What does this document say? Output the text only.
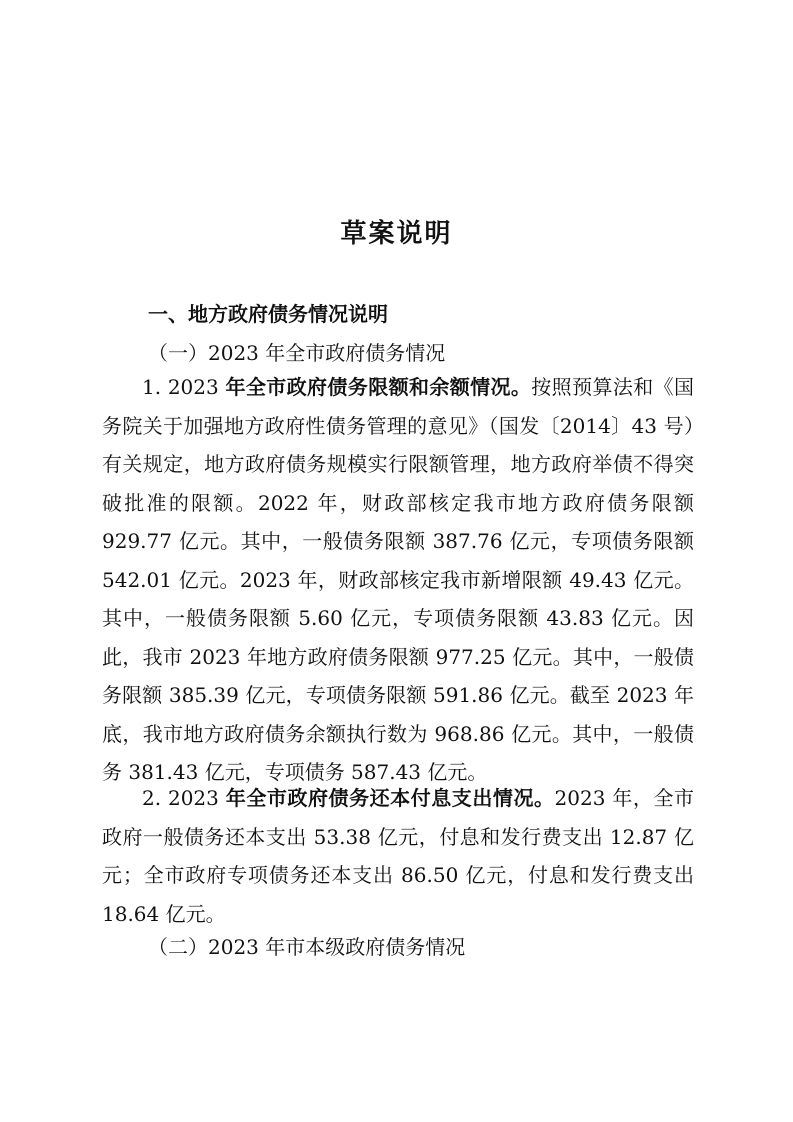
草案说明
一、地方政府债务情况说明
（一）2023 年全市政府债务情况
1. 2023 年全市政府债务限额和余额情况。按照预算法和《国务院关于加强地方政府性债务管理的意见》（国发〔2014〕43 号）有关规定，地方政府债务规模实行限额管理，地方政府举债不得突破批准的限额。2022 年，财政部核定我市地方政府债务限额 929.77 亿元。其中，一般债务限额 387.76 亿元，专项债务限额 542.01 亿元。2023 年，财政部核定我市新增限额 49.43 亿元。其中，一般债务限额 5.60 亿元，专项债务限额 43.83 亿元。因此，我市 2023 年地方政府债务限额 977.25 亿元。其中，一般债务限额 385.39 亿元，专项债务限额 591.86 亿元。截至 2023 年底，我市地方政府债务余额执行数为 968.86 亿元。其中，一般债务 381.43 亿元，专项债务 587.43 亿元。
2. 2023 年全市政府债务还本付息支出情况。2023 年，全市政府一般债务还本支出 53.38 亿元，付息和发行费支出 12.87 亿元；全市政府专项债务还本支出 86.50 亿元，付息和发行费支出 18.64 亿元。
（二）2023 年市本级政府债务情况
